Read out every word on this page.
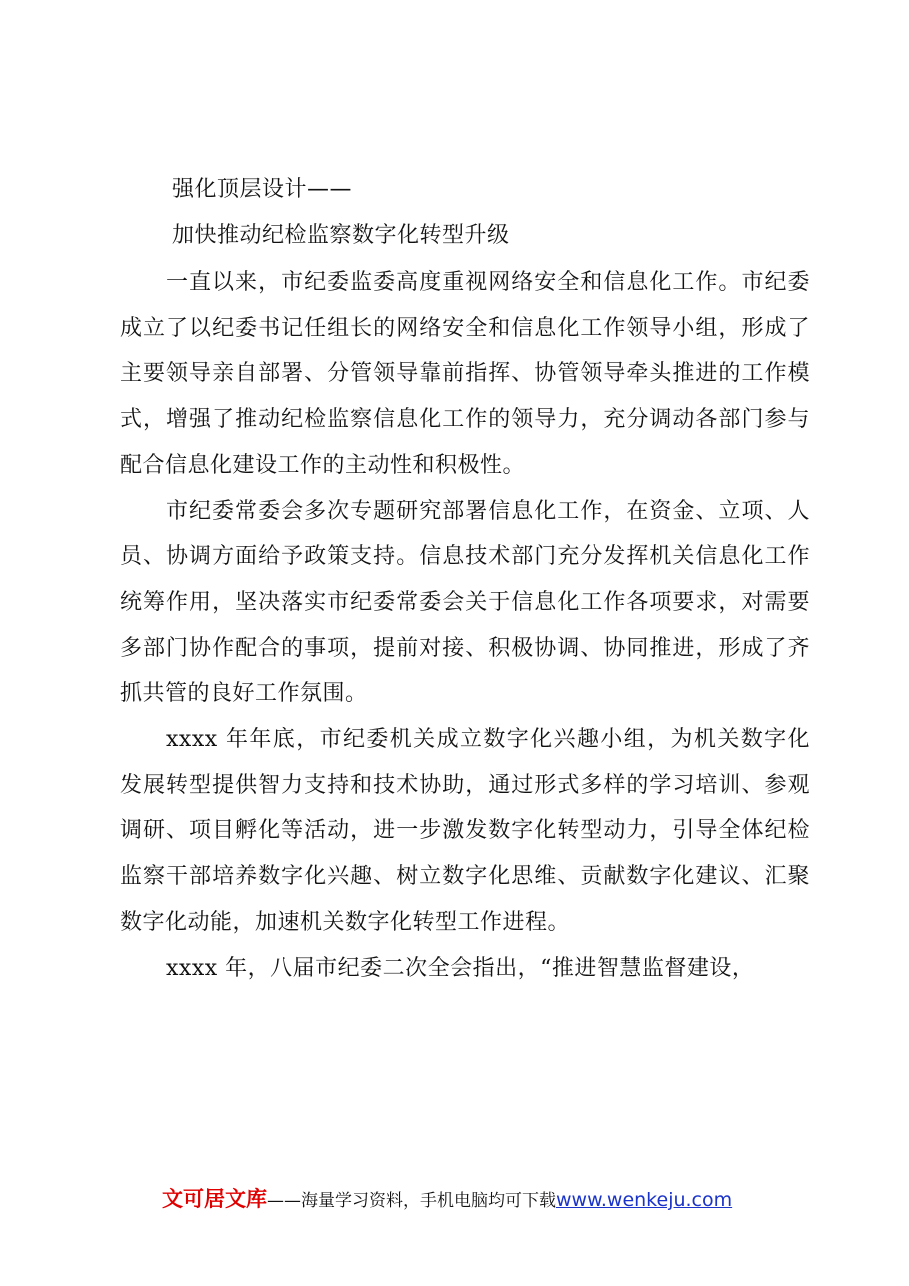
强化顶层设计——
加快推动纪检监察数字化转型升级

一直以来，市纪委监委高度重视网络安全和信息化工作。市纪委成立了以纪委书记任组长的网络安全和信息化工作领导小组，形成了主要领导亲自部署、分管领导靠前指挥、协管领导牵头推进的工作模式，增强了推动纪检监察信息化工作的领导力，充分调动各部门参与配合信息化建设工作的主动性和积极性。

市纪委常委会多次专题研究部署信息化工作，在资金、立项、人员、协调方面给予政策支持。信息技术部门充分发挥机关信息化工作统筹作用，坚决落实市纪委常委会关于信息化工作各项要求，对需要多部门协作配合的事项，提前对接、积极协调、协同推进，形成了齐抓共管的良好工作氛围。

xxxx 年年底，市纪委机关成立数字化兴趣小组，为机关数字化发展转型提供智力支持和技术协助，通过形式多样的学习培训、参观调研、项目孵化等活动，进一步激发数字化转型动力，引导全体纪检监察干部培养数字化兴趣、树立数字化思维、贡献数字化建议、汇聚数字化动能，加速机关数字化转型工作进程。

xxxx 年，八届市纪委二次全会指出，“推进智慧监督建设，

文可居文库——海量学习资料，手机电脑均可下载www.wenkeju.com
